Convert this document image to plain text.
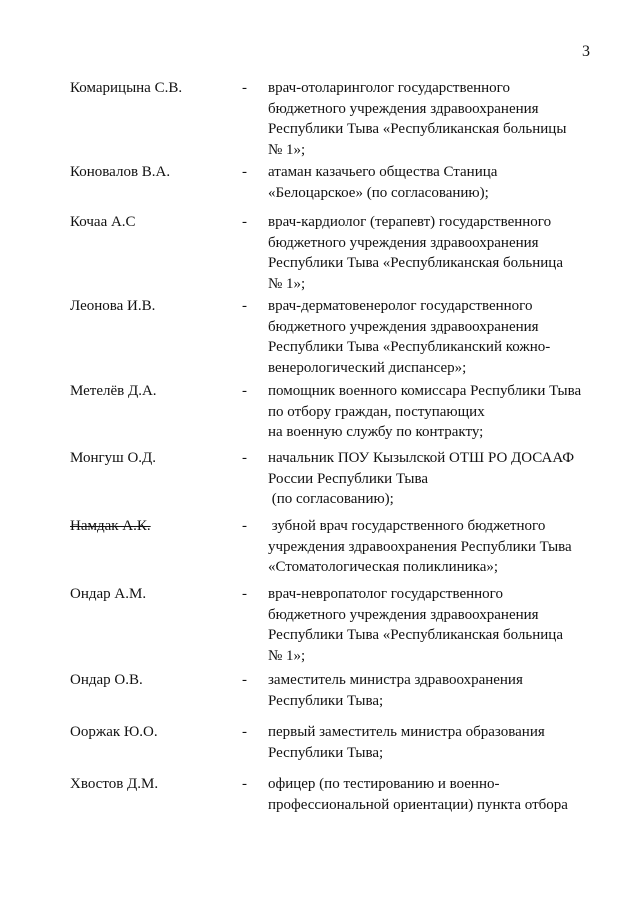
3
Комарицына С.В.	- врач-отоларинголог государственного
бюджетного учреждения здравоохранения
Республики Тыва «Республиканская больницы
№ 1»;
Коновалов В.А.	- атаман казачьего общества Станица
«Белоцарское» (по согласованию);
Кочаа А.С	- врач-кардиолог (терапевт) государственного
бюджетного учреждения здравоохранения
Республики Тыва «Республиканская больница
№ 1»;
Леонова И.В.	- врач-дерматовенеролог государственного
бюджетного учреждения здравоохранения
Республики Тыва «Республиканский кожно-
венерологический диспансер»;
Метелёв Д.А.	- помощник военного комиссара Республики Тыва
по отбору граждан, поступающих
на военную службу по контракту;
Монгуш О.Д.	- начальник ПОУ Кызылской ОТШ РО ДОСААФ
России Республики Тыва
(по согласованию);
Намдак А.К.	- зубной врач государственного бюджетного
учреждения здравоохранения Республики Тыва
«Стоматологическая поликлиника»;
Ондар А.М.	- врач-невропатолог государственного
бюджетного учреждения здравоохранения
Республики Тыва «Республиканская больница
№ 1»;
Ондар О.В.	- заместитель министра здравоохранения
Республики Тыва;
Ооржак Ю.О.	- первый заместитель министра образования
Республики Тыва;
Хвостов Д.М.	- офицер (по тестированию и военно-
профессиональной ориентации) пункта отбора
